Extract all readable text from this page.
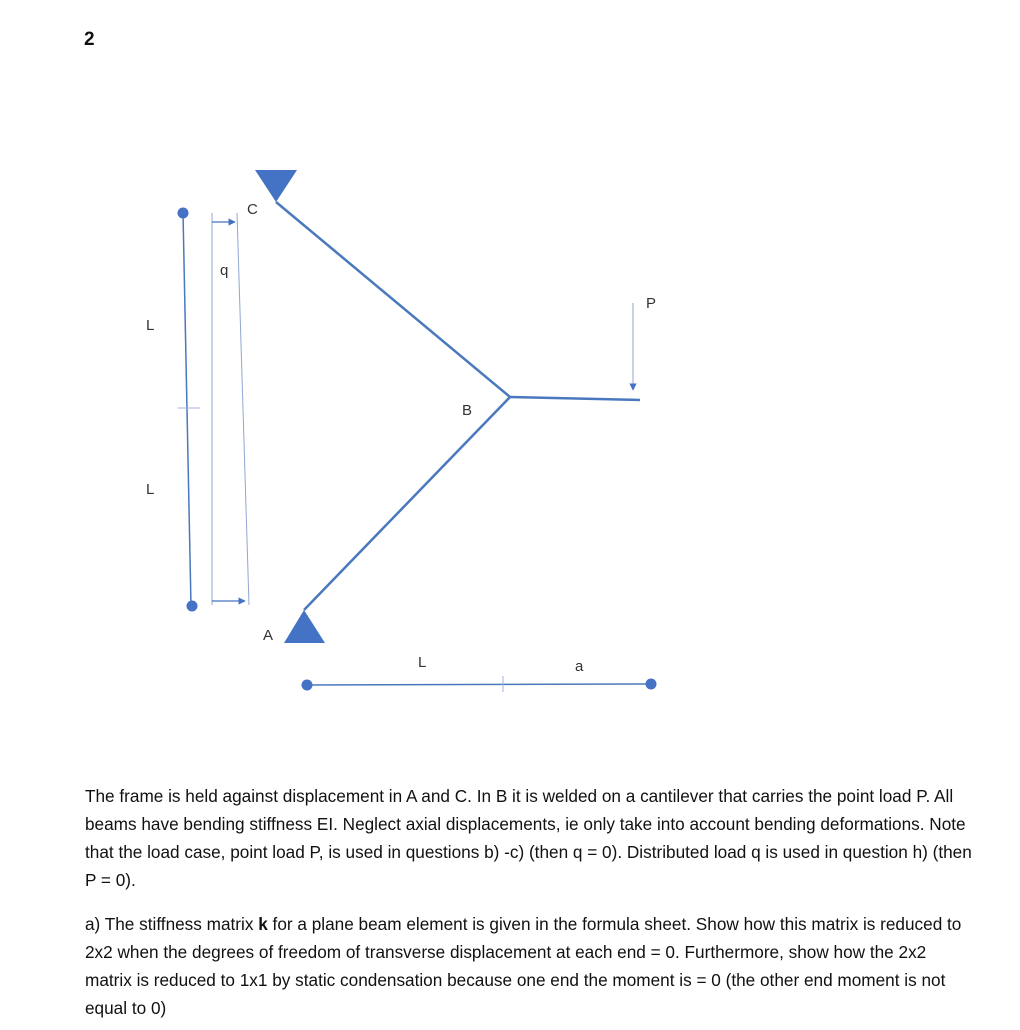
2
C
q
L
P
B
L
A
L	a

The frame is held against displacement in A and C. In B it is welded on a cantilever that carries the point load P. All beams have bending stiffness EI. Neglect axial displacements, ie only take into account bending deformations. Note that the load case, point load P, is used in questions b) -c) (then q = 0). Distributed load q is used in question h) (then P = 0).

a) The stiffness matrix k for a plane beam element is given in the formula sheet. Show how this matrix is reduced to 2x2 when the degrees of freedom of transverse displacement at each end = 0. Furthermore, show how the 2x2 matrix is reduced to 1x1 by static condensation because one end the moment is = 0 (the other end moment is not equal to 0)
